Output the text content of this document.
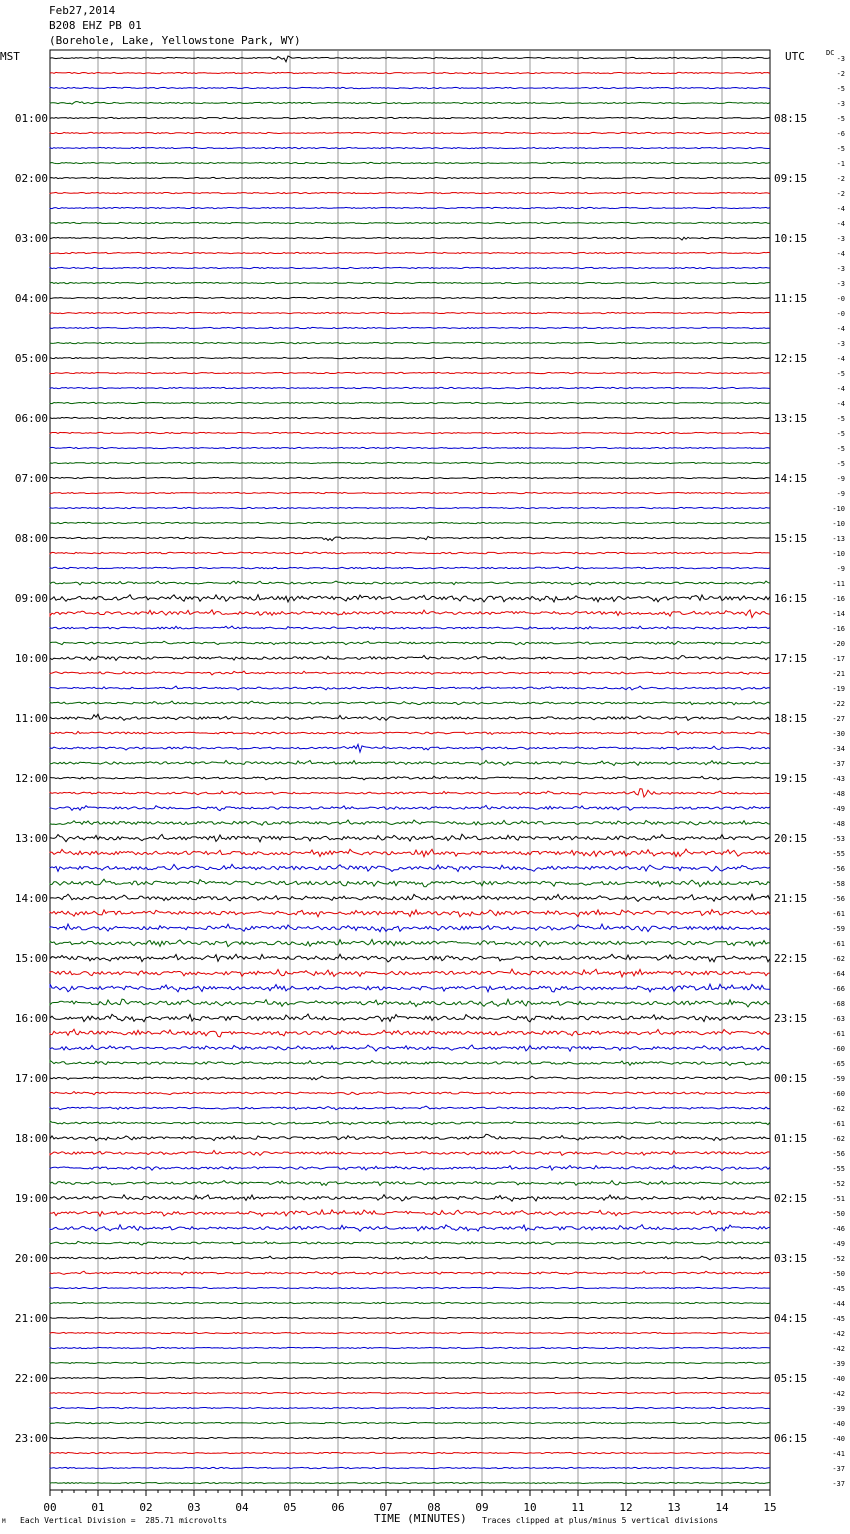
Feb27,2014
B208 EHZ PB 01
(Borehole, Lake, Yellowstone Park, WY)
MST	UTC	DC
00	01	02	03	04	05	06	07	08	09	10	11	12	13	14	15
01:00
02:00
03:00
04:00
05:00
06:00
07:00
08:00
09:00
10:00
11:00
12:00
13:00
14:00
15:00
16:00
17:00
18:00
19:00
20:00
21:00
22:00
23:00
08:15
09:15
10:15
11:15
12:15
13:15
14:15
15:15
16:15
17:15
18:15
19:15
20:15
21:15
22:15
23:15
00:15
01:15
02:15
03:15
04:15
05:15
06:15
-3
-2
-5
-3
-5
-6
-5
-1
-2
-2
-4
-4
-3
-4
-3
-3
-0
-0
-4
-3
-4
-5
-4
-4
-5
-5
-5
-5
-9
-9
-10
-10
-13
-10
-9
-11
-16
-14
-16
-20
-17
-21
-19
-22
-27
-30
-34
-37
-43
-48
-49
-48
-53
-55
-56
-58
-56
-61
-59
-61
-62
-64
-66
-68
-63
-61
-60
-65
-59
-60
-62
-61
-62
-56
-55
-52
-51
-50
-46
-49
-52
-50
-45
-44
-45
-42
-42
-39
-40
-42
-39
-40
-40
-41
-37
-37
TIME (MINUTES)
Each Vertical Division =  285.71 microvolts	Traces clipped at plus/minus 5 vertical divisions
M
